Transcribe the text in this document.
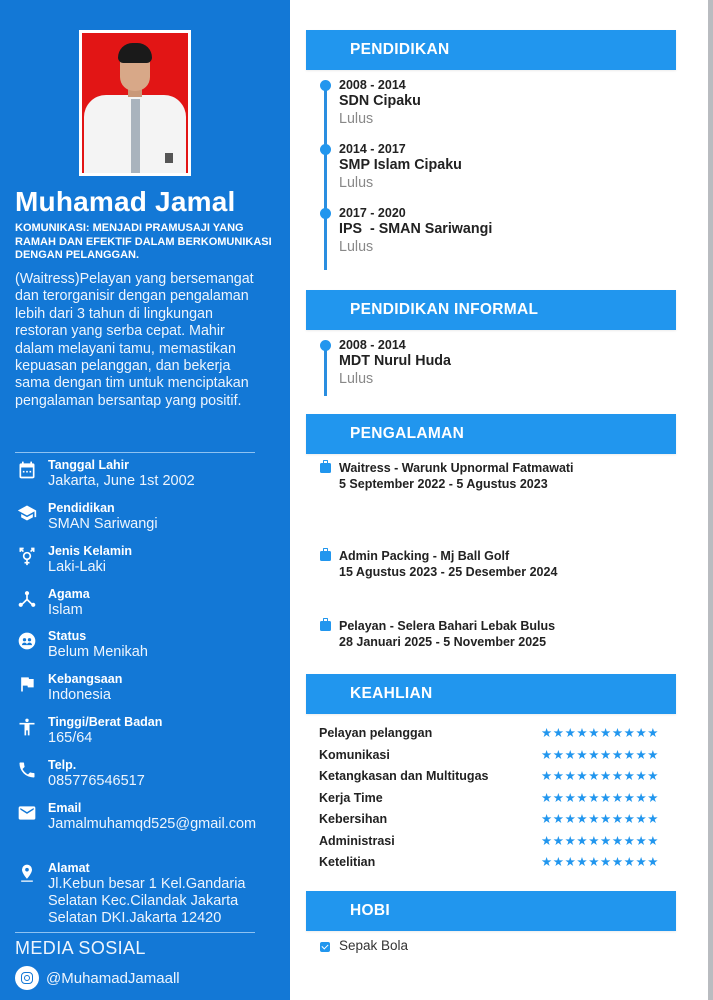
Muhamad Jamal
KOMUNIKASI: MENJADI PRAMUSAJI YANG RAMAH DAN EFEKTIF DALAM BERKOMUNIKASI DENGAN PELANGGAN.
(Waitress)Pelayan yang bersemangat dan terorganisir dengan pengalaman lebih dari 3 tahun di lingkungan restoran yang serba cepat. Mahir dalam melayani tamu, memastikan kepuasan pelanggan, dan bekerja sama dengan tim untuk menciptakan pengalaman bersantap yang positif.
Tanggal Lahir
Jakarta, June 1st 2002
Pendidikan
SMAN Sariwangi
Jenis Kelamin
Laki-Laki
Agama
Islam
Status
Belum Menikah
Kebangsaan
Indonesia
Tinggi/Berat Badan
165/64
Telp.
085776546517
Email
Jamalmuhamqd525@gmail.com
Alamat
Jl.Kebun besar 1 Kel.Gandaria Selatan Kec.Cilandak Jakarta Selatan DKI.Jakarta 12420
MEDIA SOSIAL
@MuhamadJamaall
PENDIDIKAN
2008 - 2014
SDN Cipaku
Lulus
2014 - 2017
SMP Islam Cipaku
Lulus
2017 - 2020
IPS  - SMAN Sariwangi
Lulus
PENDIDIKAN INFORMAL
2008 - 2014
MDT Nurul Huda
Lulus
PENGALAMAN
Waitress - Warunk Upnormal Fatmawati
5 September 2022 - 5 Agustus 2023
Admin Packing - Mj Ball Golf
15 Agustus 2023 - 25 Desember 2024
Pelayan - Selera Bahari Lebak Bulus
28 Januari 2025 - 5 November 2025
KEAHLIAN
Pelayan pelanggan	★★★★★★★★★★
Komunikasi	★★★★★★★★★★
Ketangkasan dan Multitugas	★★★★★★★★★★
Kerja Time	★★★★★★★★★★
Kebersihan	★★★★★★★★★★
Administrasi	★★★★★★★★★★
Ketelitian	★★★★★★★★★★
HOBI
Sepak Bola
